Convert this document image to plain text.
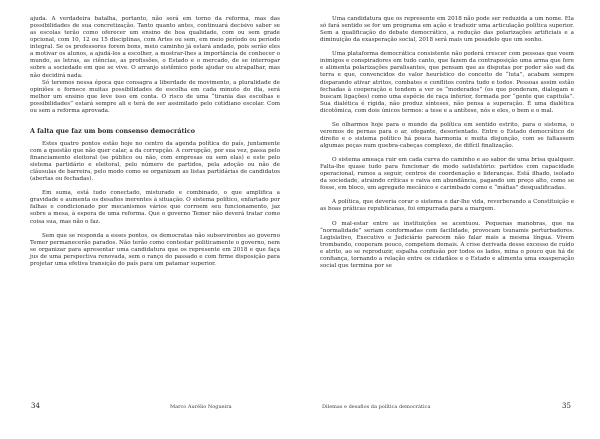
ajuda. A verdadeira batalha, portanto, não será em torno da reforma, mas das possibilidades de sua concretização. Tanto quanto antes, continuará decisivo saber se as escolas terão como oferecer um ensino de boa qualidade, com ou sem grade opcional, com 10, 12 ou 15 disciplinas, com Artes ou sem, em meio período ou período integral. Se os professores forem bons, meio caminho já estará andado, pois serão eles a motivar os alunos, a ajudá-los a escolher, a mostrar-lhes a importância de conhecer o mundo, as letras, as ciências, as profissões, o Estado e o mercado, de se interrogar sobre a sociedade em que se vive. O arranjo sistêmico pode ajudar ou atrapalhar, mas não decidirá nada.

Só teremos nessa época que consagra a liberdade de movimento, a pluralidade de opiniões e fornece muitas possibilidades de escolha em cada minuto do dia, será melhor um ensino que leve isso em conta. O risco de uma “tirania das escolhas e possibilidades” estará sempre ali e terá de ser assimilado pelo cotidiano escolar. Com ou sem a reforma aprovada.

A falta que faz um bom consenso democrático

Estes quatro pontos estão hoje no centro da agenda política do país, juntamente com a questão que não quer calar, a da corrupção. A corrupção, por sua vez, passa pelo financiamento eleitoral (se público ou não, com empresas ou sem elas) e este pelo sistema partidário e eleitoral, pelo número de partidos, pela adoção ou não de cláusulas de barreira, pelo modo como se organizam as listas partidárias de candidatos (abertas ou fechadas).

Em suma, está tudo conectado, misturado e combinado, o que amplifica a gravidade e aumenta os desafios inerentes à situação. O sistema político, enfartado por falhas e condicionado por mecanismos vários que corroem seu funcionamento, jaz sobre a mesa, à espera de uma reforma. Que o governo Temer não deverá tratar como coisa sua, mas não o faz.

Sem que se responda a esses pontos, os democratas não subsevirentes ao governo Temer permanecerão parados. Não terão como contestar politicamente o governo, nem se organizar para apresentar uma candidatura que os represente em 2018 e que faça jus de uma perspectiva renovada, sem o ranço do passado e com firme disposição para projetar uma efetiva transição do país para um patamar superior.

34	Marco Aurélio Nogueira

Uma candidatura que os represente em 2018 não pode ser reduzida a um nome. Ela só fará sentido se for um programa em ação e traduzir uma articulação política superior. Sem a qualificação do debate democrático, a redução das polarizações artificiais e a diminuição da exasperação social, 2018 será mais um pesadelo que um sonho.

Uma plataforma democrática consistente não poderá crescer com pessoas que veem inimigos e conspiradores em tudo canto, que fazem da contraposição uma arma que fere e alimenta polarizações paralisantes, que pensam que as disputas por poder são sad da terra e que, convencidos do valor heurístico do conceito de “luta”, acabam sempre disparando ativar atritos, combates e conflitos contra tudo e todos. Pessoas assim estão fechadas à cooperação e tendem a ver os “moderados” (os que ponderam, dialogam e buscam ligações) como uma espécie de raça inferior, formada por “gente que capitula”. Sua dialética é rígida, não produz sínteses, não pensa a superação. É uma dialética dicotômica, com dois únicos termos: a tese e a antítese, nós e eles, o bem e o mal.

Se olharmos hoje para o mundo da política em sentido estrito, para o sistema, o veremos de pernas para o ar, ofegante, desorientado. Entre o Estado democrático de direito e o sistema político há pouca harmonia e muita disjunção, com se faltassem algumas peças num quebra-cabeças complexo, de difícil finalização.

O sistema ameaça ruir em cada curva do caminho e ao sabor de uma brisa qualquer. Falta-lhe quase tudo para funcionar de modo satisfatório: partidos com capacidade operacional, rumos a seguir, centros de coordenação e lideranças. Está ilhado, isolado da sociedade, atraindo críticas e raiva em abundância, pagando um preço alto, como se fosse, em bloco, um agregado mecânico e carimbado como e “máfias” desqualificadas.

A política, que deveria corar o sistema e dar-lhe vida, reverberando a Constituição e as boas práticas republicanas, foi empurrada para a margem.

O mal-estar entre as instituições se acentuou. Pequenas manobras, que na “normalidade” seriam conformadas com facilidade, provocam tsunamis perturbadores. Legislativo, Executivo e Judiciário parecem não falar mais a mesma língua. Vivem trombando, cooperam pouco, competem demais. A crise derivada desse excesso de ruído e atrito, ao se reproduzir, espalha confusão por todos os lados, mina o pouco que há de confiança, tornando a relação entre os cidadãos e o Estado e alimenta uma exasperação social que termina por se

Dilemas e desafios da política democrática	35
